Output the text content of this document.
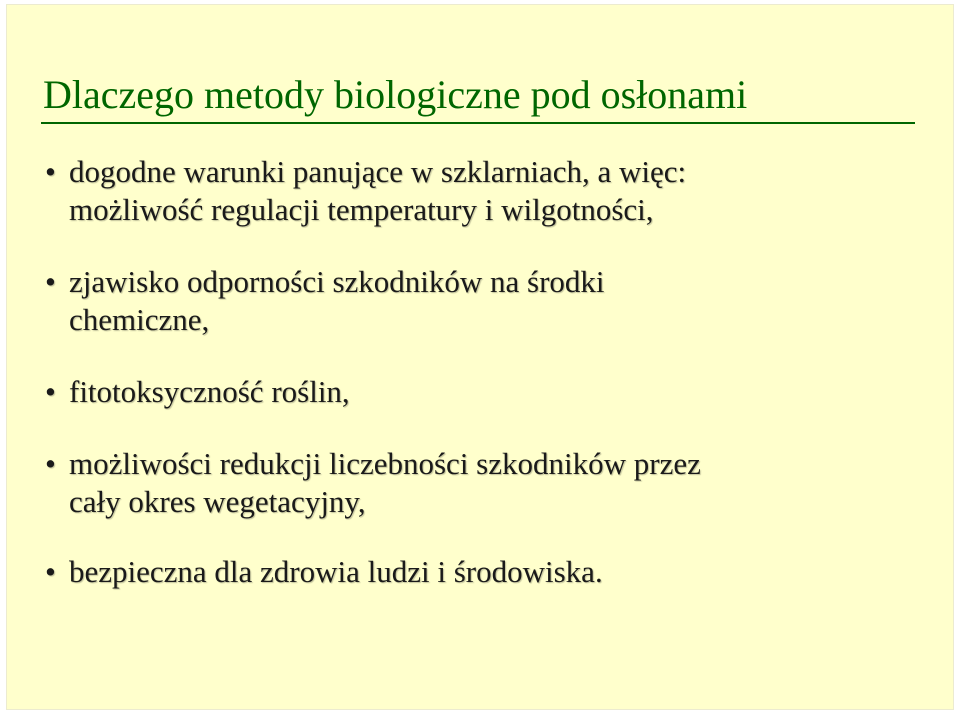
Dlaczego metody biologiczne pod osłonami
• dogodne warunki panujące w szklarniach, a więc:
możliwość regulacji temperatury i wilgotności,
• zjawisko odporności szkodników na środki
chemiczne,
• fitotoksyczność roślin,
• możliwości redukcji liczebności szkodników przez
cały okres wegetacyjny,
• bezpieczna dla zdrowia ludzi i środowiska.
